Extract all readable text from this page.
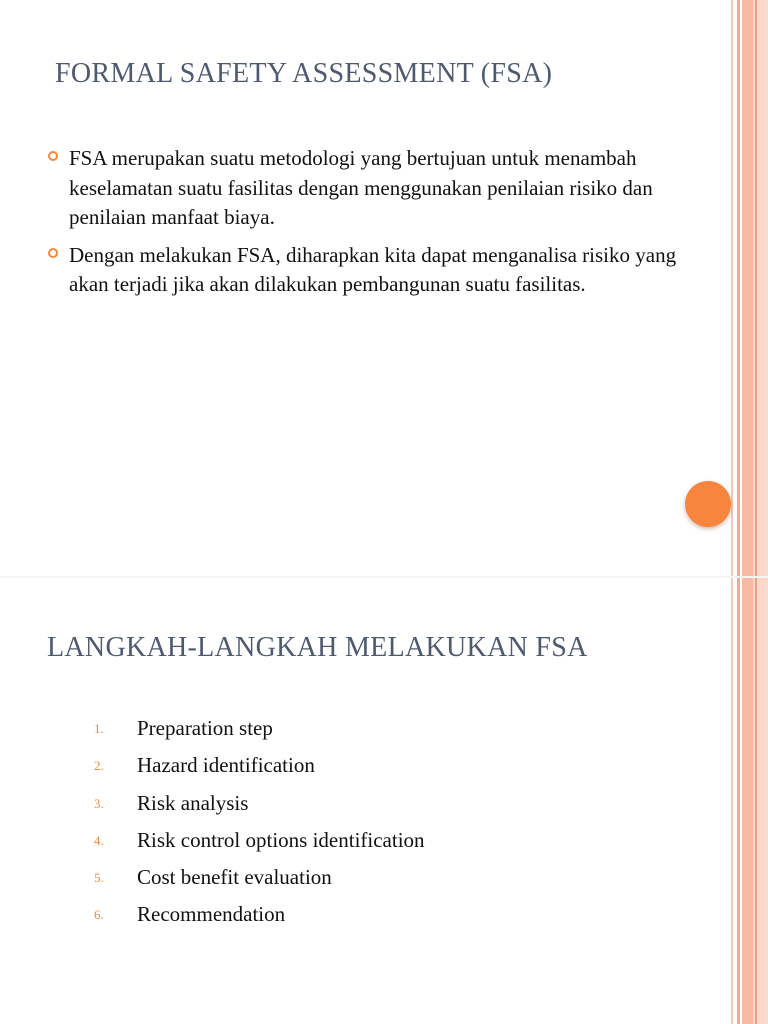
FORMAL SAFETY ASSESSMENT (FSA)
FSA merupakan suatu metodologi yang bertujuan untuk menambah keselamatan suatu fasilitas dengan menggunakan penilaian risiko dan penilaian manfaat biaya.
Dengan melakukan FSA, diharapkan kita dapat menganalisa risiko yang akan terjadi jika akan dilakukan pembangunan suatu fasilitas.
LANGKAH-LANGKAH MELAKUKAN FSA
1. Preparation step
2. Hazard identification
3. Risk analysis
4. Risk control options identification
5. Cost benefit evaluation
6. Recommendation
